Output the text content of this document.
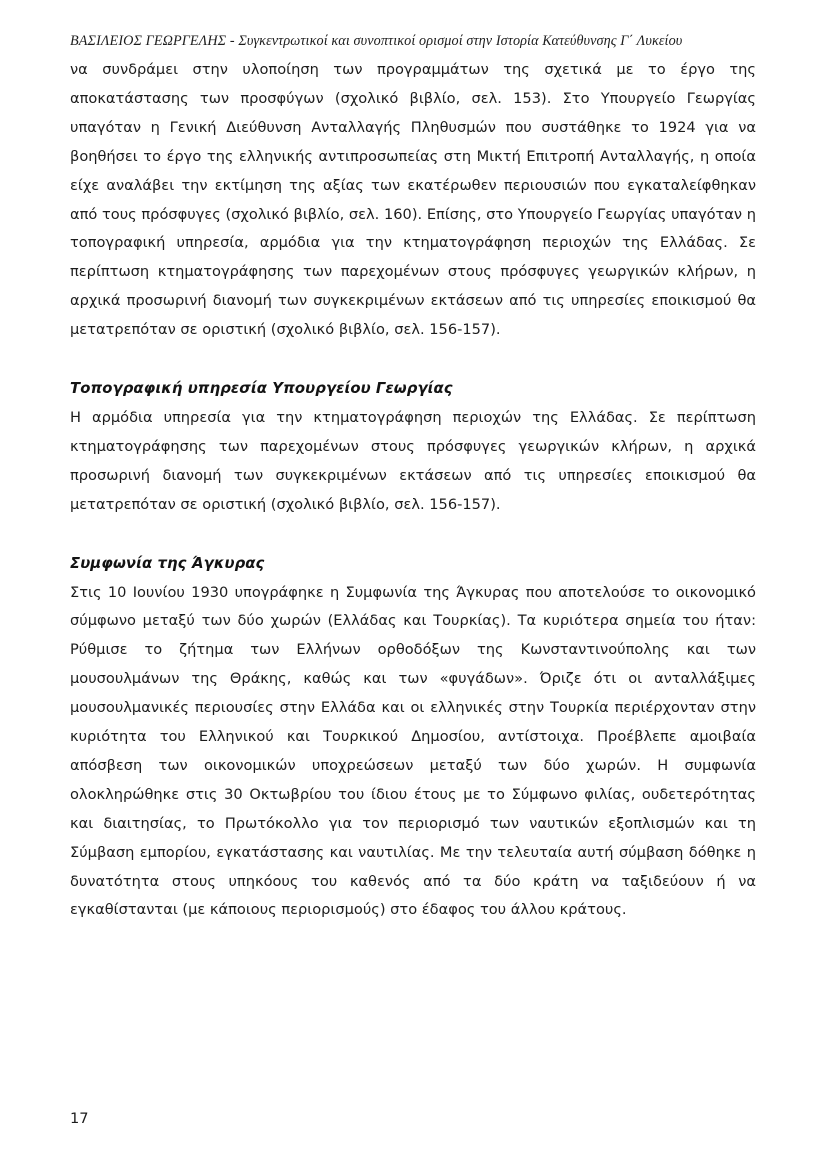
ΒΑΣΙΛΕΙΟΣ ΓΕΩΡΓΕΛΗΣ - Συγκεντρωτικοί και συνοπτικοί ορισμοί στην Ιστορία Κατεύθυνσης Γ΄ Λυκείου

να συνδράμει στην υλοποίηση των προγραμμάτων της σχετικά με το έργο της αποκατάστασης των προσφύγων (σχολικό βιβλίο, σελ. 153). Στο Υπουργείο Γεωργίας υπαγόταν η Γενική Διεύθυνση Ανταλλαγής Πληθυσμών που συστάθηκε το 1924 για να βοηθήσει το έργο της ελληνικής αντιπροσωπείας στη Μικτή Επιτροπή Ανταλλαγής, η οποία είχε αναλάβει την εκτίμηση της αξίας των εκατέρωθεν περιουσιών που εγκαταλείφθηκαν από τους πρόσφυγες (σχολικό βιβλίο, σελ. 160). Επίσης, στο Υπουργείο Γεωργίας υπαγόταν η τοπογραφική υπηρεσία, αρμόδια για την κτηματογράφηση περιοχών της Ελλάδας. Σε περίπτωση κτηματογράφησης των παρεχομένων στους πρόσφυγες γεωργικών κλήρων, η αρχικά προσωρινή διανομή των συγκεκριμένων εκτάσεων από τις υπηρεσίες εποικισμού θα μετατρεπόταν σε οριστική (σχολικό βιβλίο, σελ. 156-157).

Τοπογραφική υπηρεσία Υπουργείου Γεωργίας

Η αρμόδια υπηρεσία για την κτηματογράφηση περιοχών της Ελλάδας. Σε περίπτωση κτηματογράφησης των παρεχομένων στους πρόσφυγες γεωργικών κλήρων, η αρχικά προσωρινή διανομή των συγκεκριμένων εκτάσεων από τις υπηρεσίες εποικισμού θα μετατρεπόταν σε οριστική (σχολικό βιβλίο, σελ. 156-157).

Συμφωνία της Άγκυρας

Στις 10 Ιουνίου 1930 υπογράφηκε η Συμφωνία της Άγκυρας που αποτελούσε το οικονομικό σύμφωνο μεταξύ των δύο χωρών (Ελλάδας και Τουρκίας). Τα κυριότερα σημεία του ήταν: Ρύθμισε το ζήτημα των Ελλήνων ορθοδόξων της Κωνσταντινούπολης και των μουσουλμάνων της Θράκης, καθώς και των «φυγάδων». Όριζε ότι οι ανταλλάξιμες μουσουλμανικές περιουσίες στην Ελλάδα και οι ελληνικές στην Τουρκία περιέρχονταν στην κυριότητα του Ελληνικού και Τουρκικού Δημοσίου, αντίστοιχα. Προέβλεπε αμοιβαία απόσβεση των οικονομικών υποχρεώσεων μεταξύ των δύο χωρών. Η συμφωνία ολοκληρώθηκε στις 30 Οκτωβρίου του ίδιου έτους με το Σύμφωνο φιλίας, ουδετερότητας και διαιτησίας, το Πρωτόκολλο για τον περιορισμό των ναυτικών εξοπλισμών και τη Σύμβαση εμπορίου, εγκατάστασης και ναυτιλίας. Με την τελευταία αυτή σύμβαση δόθηκε η δυνατότητα στους υπηκόους του καθενός από τα δύο κράτη να ταξιδεύουν ή να εγκαθίστανται (με κάποιους περιορισμούς) στο έδαφος του άλλου κράτους.

17
